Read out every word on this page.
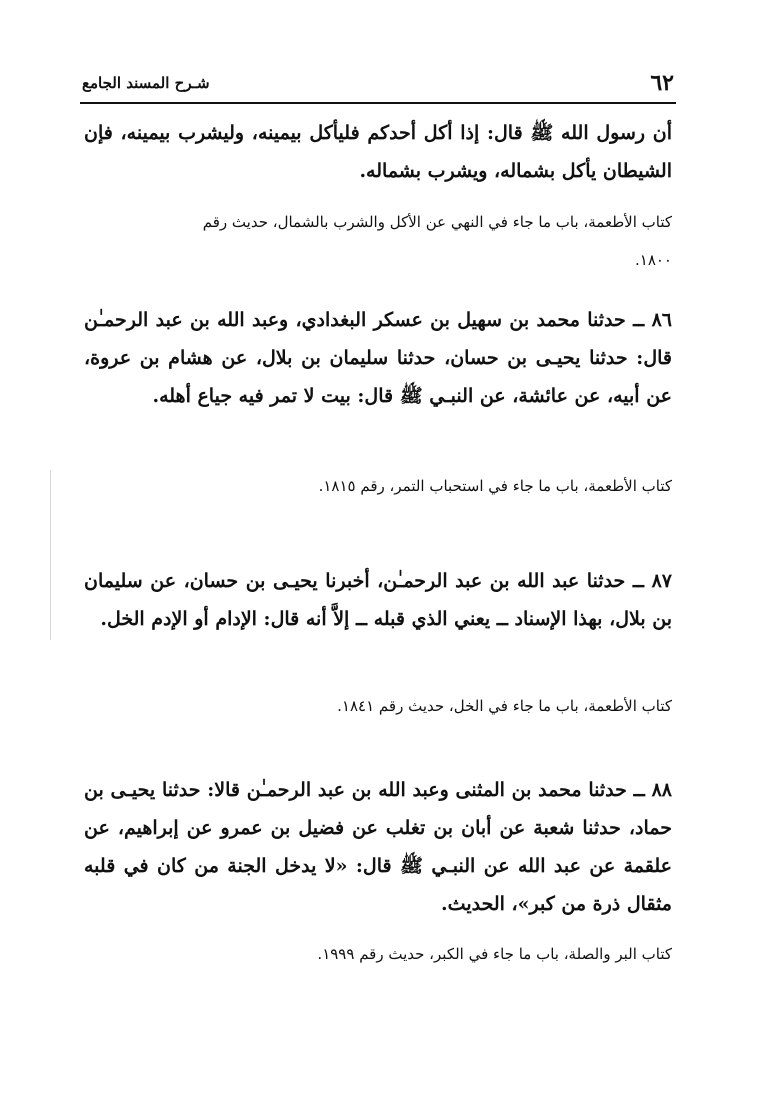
٦٢
شـرح المسند الجامع
أن رسول الله ﷺ قال: إذا أكل أحدكم فليأكل بيمينه، وليشرب بيمينه، فإن الشيطان يأكل بشماله، ويشرب بشماله.
كتاب الأطعمة، باب ما جاء في النهي عن الأكل والشرب بالشمال، حديث رقم ١٨٠٠.
٨٦ ــ حدثنا محمد بن سهيل بن عسكر البغدادي، وعبد الله بن عبد الرحمـٰن قال: حدثنا يحيـى بن حسان، حدثنا سليمان بن بلال، عن هشام بن عروة، عن أبيه، عن عائشة، عن النبـي ﷺ قال: بيت لا تمر فيه جياع أهله.
كتاب الأطعمة، باب ما جاء في استحباب التمر، رقم ١٨١٥.
٨٧ ــ حدثنا عبد الله بن عبد الرحمـٰن، أخبرنا يحيـى بن حسان، عن سليمان بن بلال، بهذا الإسناد ــ يعني الذي قبله ــ إلاَّ أنه قال: الإدام أو الإدم الخل.
كتاب الأطعمة، باب ما جاء في الخل، حديث رقم ١٨٤١.
٨٨ ــ حدثنا محمد بن المثنى وعبد الله بن عبد الرحمـٰن قالا: حدثنا يحيـى بن حماد، حدثنا شعبة عن أبان بن تغلب عن فضيل بن عمرو عن إبراهيم، عن علقمة عن عبد الله عن النبـي ﷺ قال: «لا يدخل الجنة من كان في قلبه مثقال ذرة من كبر»، الحديث.
كتاب البر والصلة، باب ما جاء في الكبر، حديث رقم ١٩٩٩.
